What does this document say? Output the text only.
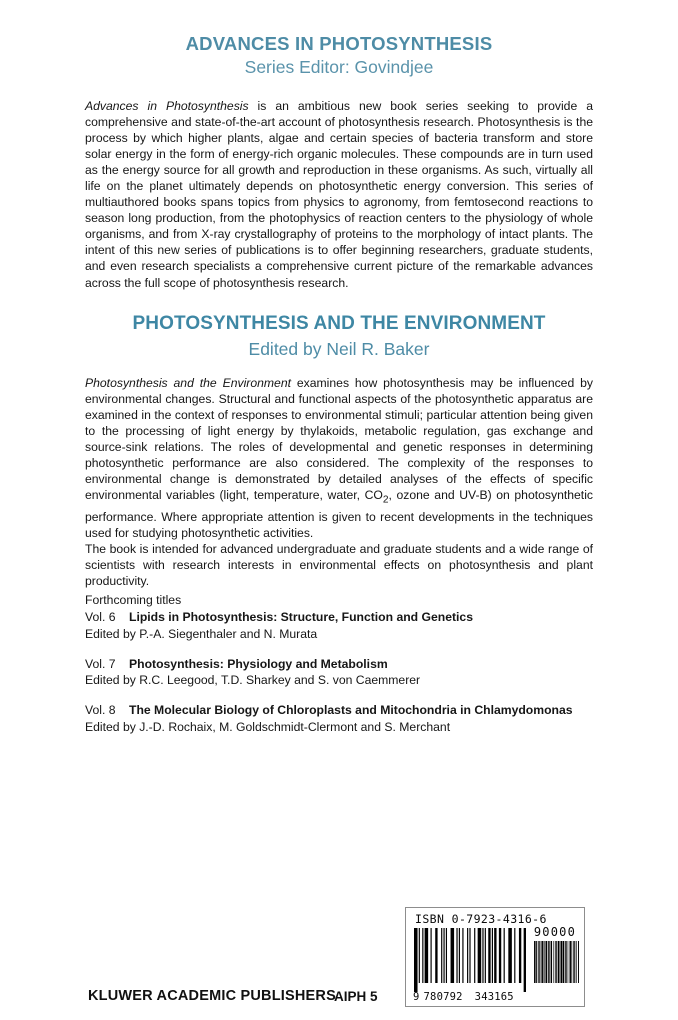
ADVANCES IN PHOTOSYNTHESIS
Series Editor: Govindjee

Advances in Photosynthesis is an ambitious new book series seeking to provide a comprehensive and state-of-the-art account of photosynthesis research. Photosynthesis is the process by which higher plants, algae and certain species of bacteria transform and store solar energy in the form of energy-rich organic molecules. These compounds are in turn used as the energy source for all growth and reproduction in these organisms. As such, virtually all life on the planet ultimately depends on photosynthetic energy conversion. This series of multiauthored books spans topics from physics to agronomy, from femtosecond reactions to season long production, from the photophysics of reaction centers to the physiology of whole organisms, and from X-ray crystallography of proteins to the morphology of intact plants. The intent of this new series of publications is to offer beginning researchers, graduate students, and even research specialists a comprehensive current picture of the remarkable advances across the full scope of photosynthesis research.

PHOTOSYNTHESIS AND THE ENVIRONMENT
Edited by Neil R. Baker

Photosynthesis and the Environment examines how photosynthesis may be influenced by environmental changes. Structural and functional aspects of the photosynthetic apparatus are examined in the context of responses to environmental stimuli; particular attention being given to the processing of light energy by thylakoids, metabolic regulation, gas exchange and source-sink relations. The roles of developmental and genetic responses in determining photosynthetic performance are also considered. The complexity of the responses to environmental change is demonstrated by detailed analyses of the effects of specific environmental variables (light, temperature, water, $CO_2$, ozone and UV-B) on photosynthetic performance. Where appropriate attention is given to recent developments in the techniques used for studying photosynthetic activities.

The book is intended for advanced undergraduate and graduate students and a wide range of scientists with research interests in environmental effects on photosynthesis and plant productivity.

Forthcoming titles
Vol. 6 Lipids in Photosynthesis: Structure, Function and Genetics
Edited by P.-A. Siegenthaler and N. Murata
Vol. 7 Photosynthesis: Physiology and Metabolism
Edited by R.C. Leegood, T.D. Sharkey and S. von Caemmerer
Vol. 8 The Molecular Biology of Chloroplasts and Mitochondria in Chlamydomonas
Edited by J.-D. Rochaix, M. Goldschmidt-Clermont and S. Merchant
KLUWER ACADEMIC PUBLISHERS
AIPH 5
ISBN 0-7923-4316-6
90000
9 780792 343165
